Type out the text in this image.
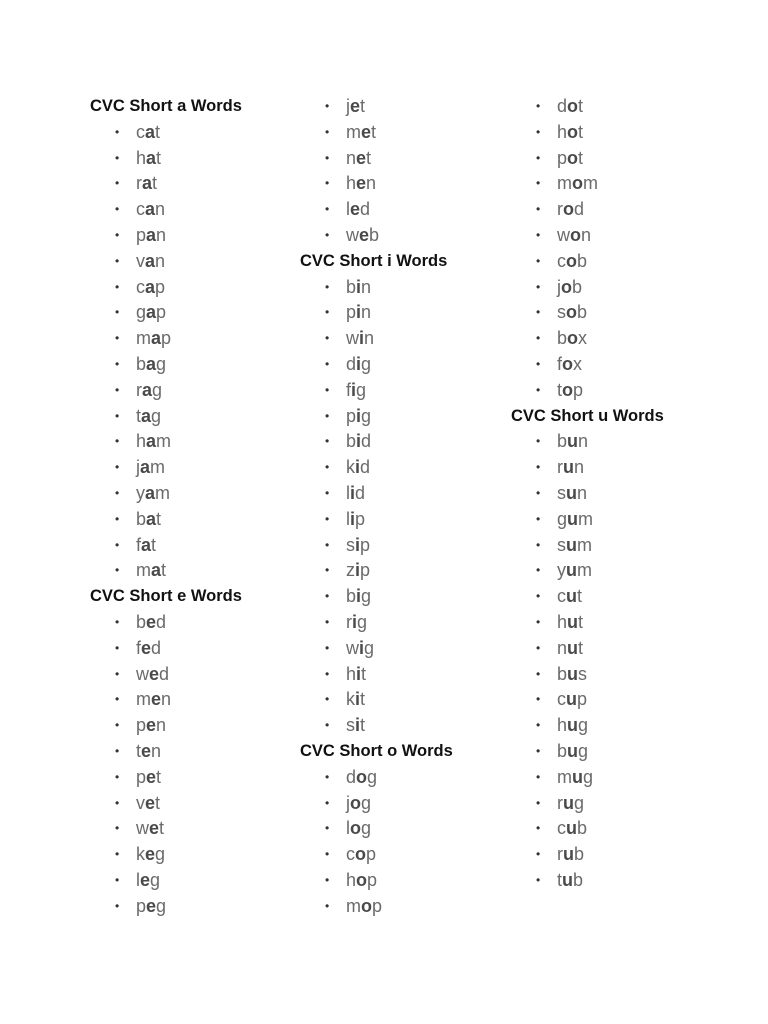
CVC Short a Words
• cat
• hat
• rat
• can
• pan
• van
• cap
• gap
• map
• bag
• rag
• tag
• ham
• jam
• yam
• bat
• fat
• mat
CVC Short e Words
• bed
• fed
• wed
• men
• pen
• ten
• pet
• vet
• wet
• keg
• leg
• peg
• jet
• met
• net
• hen
• led
• web
CVC Short i Words
• bin
• pin
• win
• dig
• fig
• pig
• bid
• kid
• lid
• lip
• sip
• zip
• big
• rig
• wig
• hit
• kit
• sit
CVC Short o Words
• dog
• jog
• log
• cop
• hop
• mop
• dot
• hot
• pot
• mom
• rod
• won
• cob
• job
• sob
• box
• fox
• top
CVC Short u Words
• bun
• run
• sun
• gum
• sum
• yum
• cut
• hut
• nut
• bus
• cup
• hug
• bug
• mug
• rug
• cub
• rub
• tub
